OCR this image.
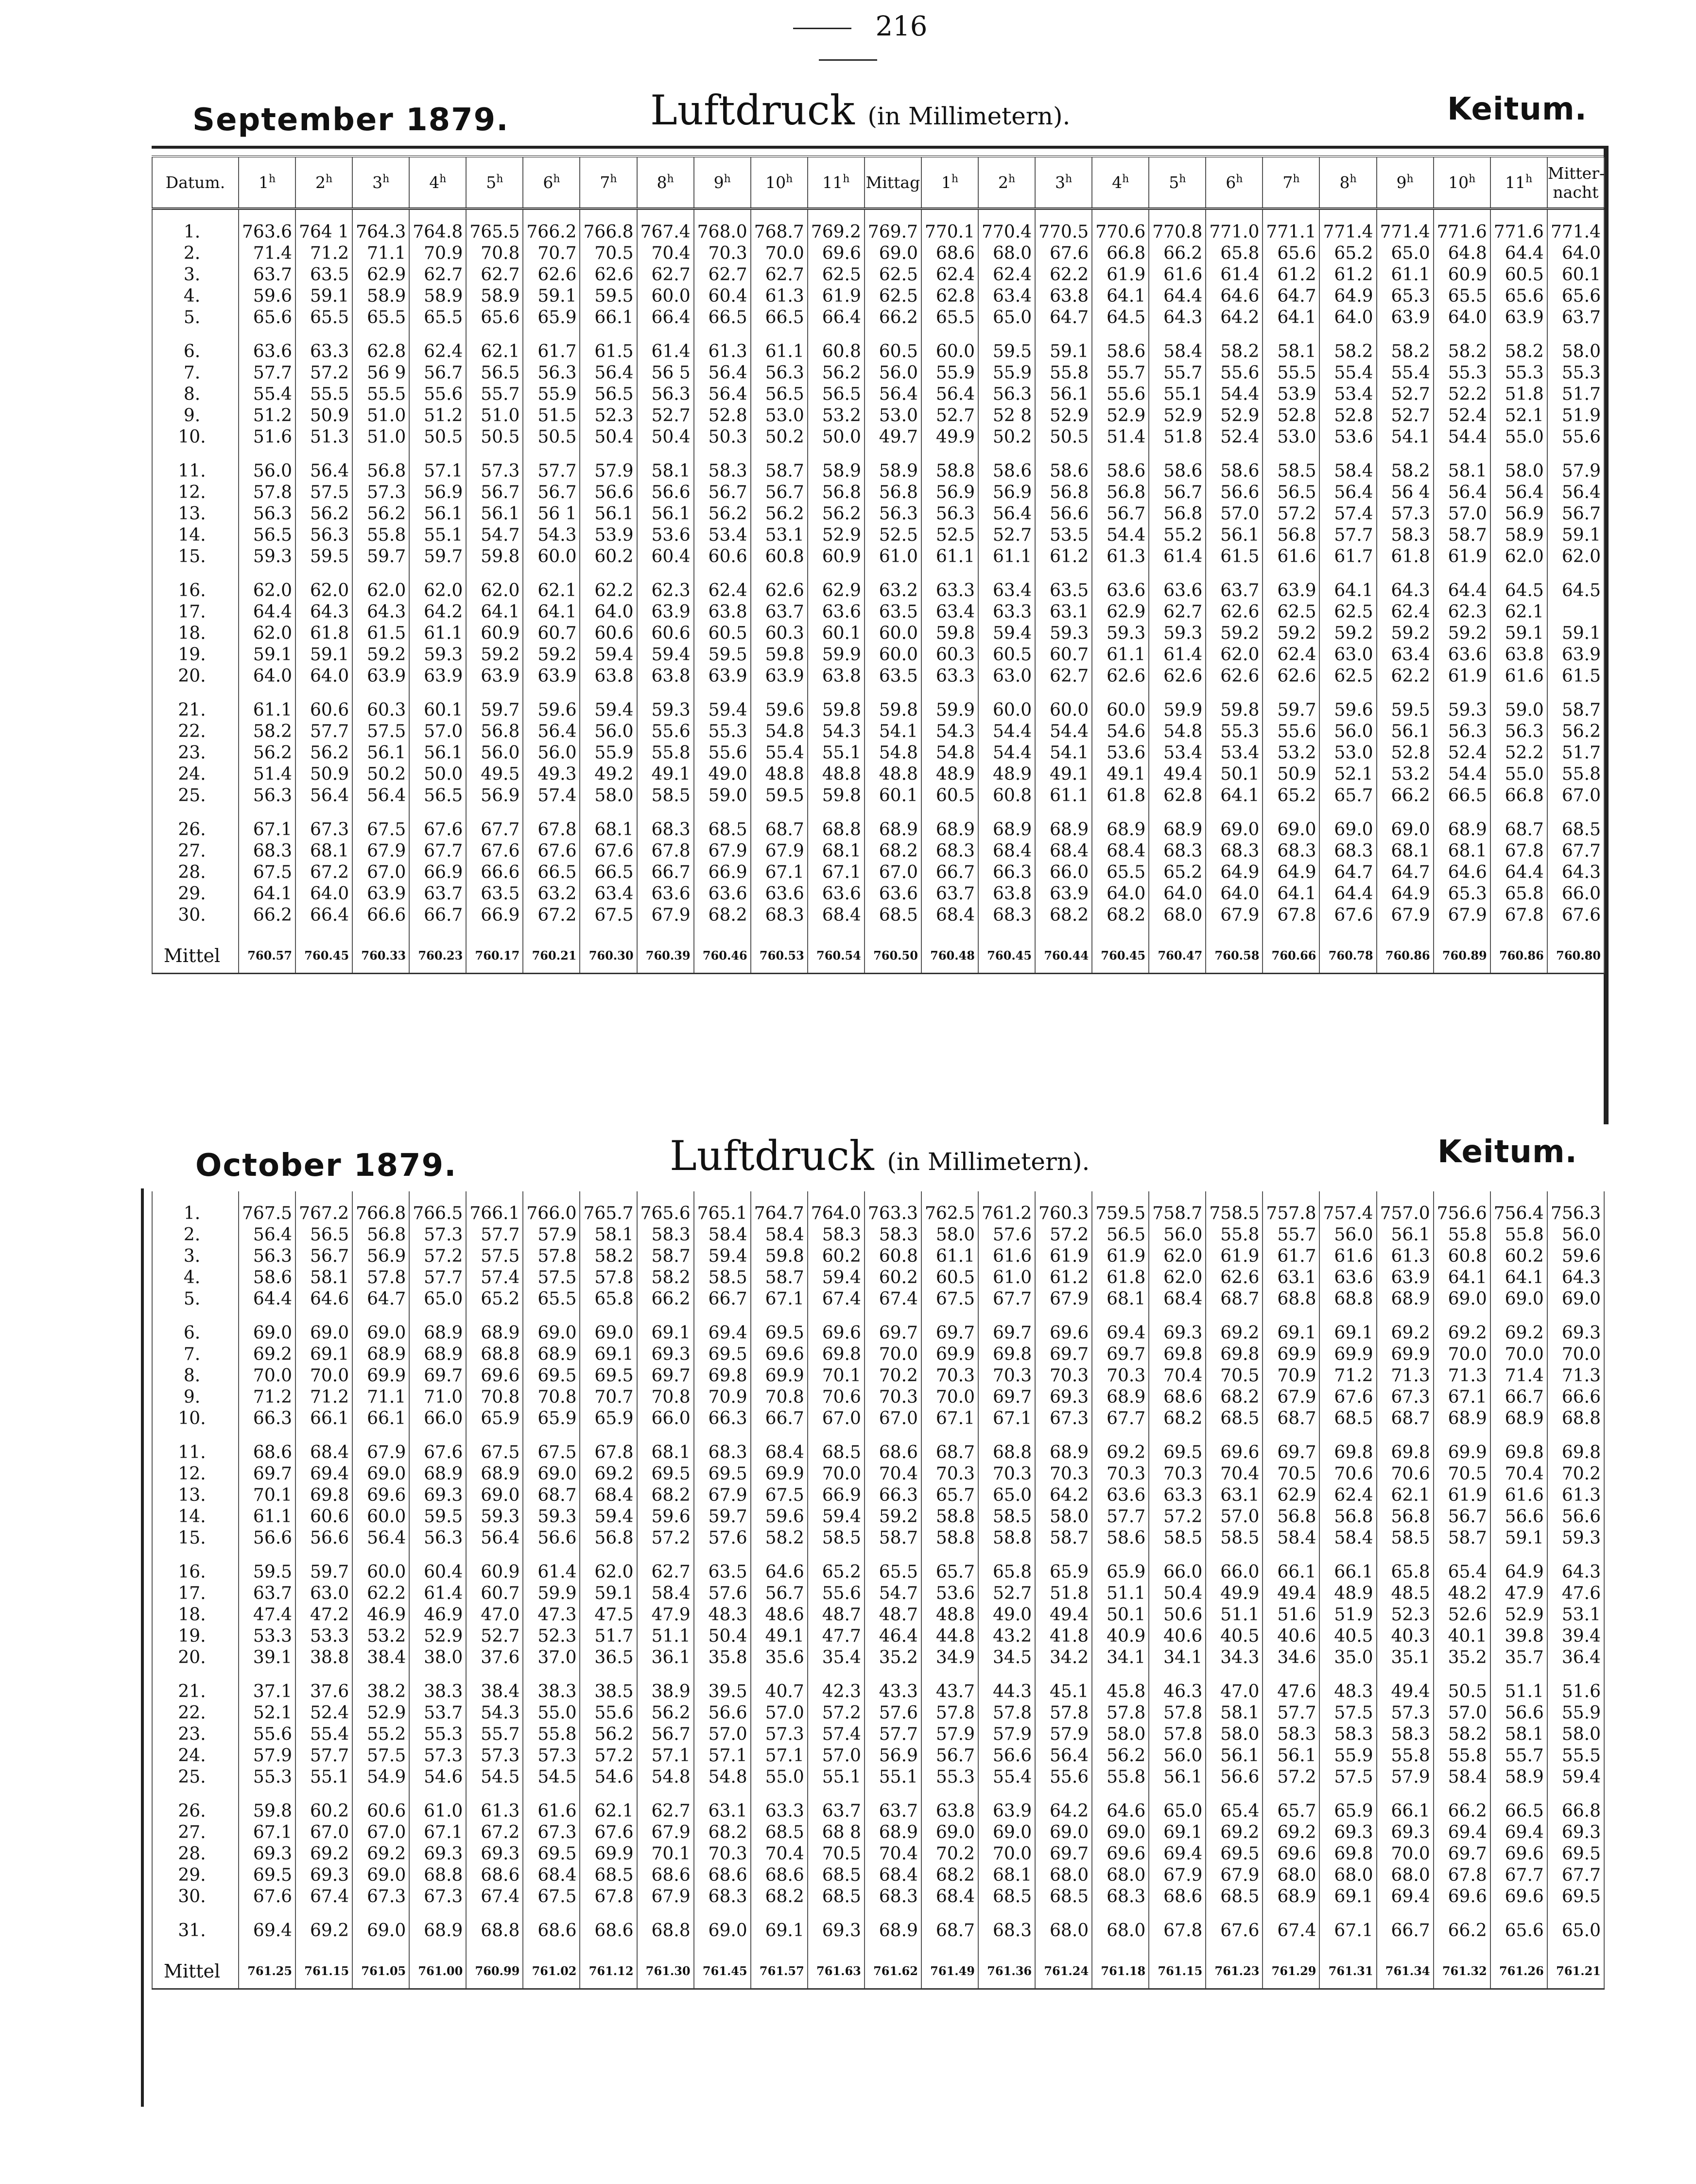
216
September 1879.	Luftdruck (in Millimetern).	Keitum.
Datum.	1$^h$	2$^h$	3$^h$	4$^h$	5$^h$	6$^h$	7$^h$	8$^h$	9$^h$	10$^h$	11$^h$	Mittag	1$^h$	2$^h$	3$^h$	4$^h$	5$^h$	6$^h$	7$^h$	8$^h$	9$^h$	10$^h$	11$^h$	Mitter-nacht

1.	763.6	764 1	764.3	764.8	765.5	766.2	766.8	767.4	768.0	768.7	769.2	769.7	770.1	770.4	770.5	770.6	770.8	771.0	771.1	771.4	771.4	771.6	771.6	771.4
2.	71.4	71.2	71.1	70.9	70.8	70.7	70.5	70.4	70.3	70.0	69.6	69.0	68.6	68.0	67.6	66.8	66.2	65.8	65.6	65.2	65.0	64.8	64.4	64.0
3.	63.7	63.5	62.9	62.7	62.7	62.6	62.6	62.7	62.7	62.7	62.5	62.5	62.4	62.4	62.2	61.9	61.6	61.4	61.2	61.2	61.1	60.9	60.5	60.1
4.	59.6	59.1	58.9	58.9	58.9	59.1	59.5	60.0	60.4	61.3	61.9	62.5	62.8	63.4	63.8	64.1	64.4	64.6	64.7	64.9	65.3	65.5	65.6	65.6
5.	65.6	65.5	65.5	65.5	65.6	65.9	66.1	66.4	66.5	66.5	66.4	66.2	65.5	65.0	64.7	64.5	64.3	64.2	64.1	64.0	63.9	64.0	63.9	63.7

6.	63.6	63.3	62.8	62.4	62.1	61.7	61.5	61.4	61.3	61.1	60.8	60.5	60.0	59.5	59.1	58.6	58.4	58.2	58.1	58.2	58.2	58.2	58.2	58.0
7.	57.7	57.2	56 9	56.7	56.5	56.3	56.4	56 5	56.4	56.3	56.2	56.0	55.9	55.9	55.8	55.7	55.7	55.6	55.5	55.4	55.4	55.3	55.3	55.3
8.	55.4	55.5	55.5	55.6	55.7	55.9	56.5	56.3	56.4	56.5	56.5	56.4	56.4	56.3	56.1	55.6	55.1	54.4	53.9	53.4	52.7	52.2	51.8	51.7
9.	51.2	50.9	51.0	51.2	51.0	51.5	52.3	52.7	52.8	53.0	53.2	53.0	52.7	52 8	52.9	52.9	52.9	52.9	52.8	52.8	52.7	52.4	52.1	51.9
10.	51.6	51.3	51.0	50.5	50.5	50.5	50.4	50.4	50.3	50.2	50.0	49.7	49.9	50.2	50.5	51.4	51.8	52.4	53.0	53.6	54.1	54.4	55.0	55.6

11.	56.0	56.4	56.8	57.1	57.3	57.7	57.9	58.1	58.3	58.7	58.9	58.9	58.8	58.6	58.6	58.6	58.6	58.6	58.5	58.4	58.2	58.1	58.0	57.9
12.	57.8	57.5	57.3	56.9	56.7	56.7	56.6	56.6	56.7	56.7	56.8	56.8	56.9	56.9	56.8	56.8	56.7	56.6	56.5	56.4	56 4	56.4	56.4	56.4
13.	56.3	56.2	56.2	56.1	56.1	56 1	56.1	56.1	56.2	56.2	56.2	56.3	56.3	56.4	56.6	56.7	56.8	57.0	57.2	57.4	57.3	57.0	56.9	56.7
14.	56.5	56.3	55.8	55.1	54.7	54.3	53.9	53.6	53.4	53.1	52.9	52.5	52.5	52.7	53.5	54.4	55.2	56.1	56.8	57.7	58.3	58.7	58.9	59.1
15.	59.3	59.5	59.7	59.7	59.8	60.0	60.2	60.4	60.6	60.8	60.9	61.0	61.1	61.1	61.2	61.3	61.4	61.5	61.6	61.7	61.8	61.9	62.0	62.0

16.	62.0	62.0	62.0	62.0	62.0	62.1	62.2	62.3	62.4	62.6	62.9	63.2	63.3	63.4	63.5	63.6	63.6	63.7	63.9	64.1	64.3	64.4	64.5	64.5
17.	64.4	64.3	64.3	64.2	64.1	64.1	64.0	63.9	63.8	63.7	63.6	63.5	63.4	63.3	63.1	62.9	62.7	62.6	62.5	62.5	62.4	62.3	62.1	
18.	62.0	61.8	61.5	61.1	60.9	60.7	60.6	60.6	60.5	60.3	60.1	60.0	59.8	59.4	59.3	59.3	59.3	59.2	59.2	59.2	59.2	59.2	59.1	59.1
19.	59.1	59.1	59.2	59.3	59.2	59.2	59.4	59.4	59.5	59.8	59.9	60.0	60.3	60.5	60.7	61.1	61.4	62.0	62.4	63.0	63.4	63.6	63.8	63.9
20.	64.0	64.0	63.9	63.9	63.9	63.9	63.8	63.8	63.9	63.9	63.8	63.5	63.3	63.0	62.7	62.6	62.6	62.6	62.6	62.5	62.2	61.9	61.6	61.5

21.	61.1	60.6	60.3	60.1	59.7	59.6	59.4	59.3	59.4	59.6	59.8	59.8	59.9	60.0	60.0	60.0	59.9	59.8	59.7	59.6	59.5	59.3	59.0	58.7
22.	58.2	57.7	57.5	57.0	56.8	56.4	56.0	55.6	55.3	54.8	54.3	54.1	54.3	54.4	54.4	54.6	54.8	55.3	55.6	56.0	56.1	56.3	56.3	56.2
23.	56.2	56.2	56.1	56.1	56.0	56.0	55.9	55.8	55.6	55.4	55.1	54.8	54.8	54.4	54.1	53.6	53.4	53.4	53.2	53.0	52.8	52.4	52.2	51.7
24.	51.4	50.9	50.2	50.0	49.5	49.3	49.2	49.1	49.0	48.8	48.8	48.8	48.9	48.9	49.1	49.1	49.4	50.1	50.9	52.1	53.2	54.4	55.0	55.8
25.	56.3	56.4	56.4	56.5	56.9	57.4	58.0	58.5	59.0	59.5	59.8	60.1	60.5	60.8	61.1	61.8	62.8	64.1	65.2	65.7	66.2	66.5	66.8	67.0

26.	67.1	67.3	67.5	67.6	67.7	67.8	68.1	68.3	68.5	68.7	68.8	68.9	68.9	68.9	68.9	68.9	68.9	69.0	69.0	69.0	69.0	68.9	68.7	68.5
27.	68.3	68.1	67.9	67.7	67.6	67.6	67.6	67.8	67.9	67.9	68.1	68.2	68.3	68.4	68.4	68.4	68.3	68.3	68.3	68.3	68.1	68.1	67.8	67.7
28.	67.5	67.2	67.0	66.9	66.6	66.5	66.5	66.7	66.9	67.1	67.1	67.0	66.7	66.3	66.0	65.5	65.2	64.9	64.9	64.7	64.7	64.6	64.4	64.3
29.	64.1	64.0	63.9	63.7	63.5	63.2	63.4	63.6	63.6	63.6	63.6	63.6	63.7	63.8	63.9	64.0	64.0	64.0	64.1	64.4	64.9	65.3	65.8	66.0
30.	66.2	66.4	66.6	66.7	66.9	67.2	67.5	67.9	68.2	68.3	68.4	68.5	68.4	68.3	68.2	68.2	68.0	67.9	67.8	67.6	67.9	67.9	67.8	67.6

Mittel	760.57	760.45	760.33	760.23	760.17	760.21	760.30	760.39	760.46	760.53	760.54	760.50	760.48	760.45	760.44	760.45	760.47	760.58	760.66	760.78	760.86	760.89	760.86	760.80
October 1879.	Luftdruck (in Millimetern).	Keitum.

1.	767.5	767.2	766.8	766.5	766.1	766.0	765.7	765.6	765.1	764.7	764.0	763.3	762.5	761.2	760.3	759.5	758.7	758.5	757.8	757.4	757.0	756.6	756.4	756.3
2.	56.4	56.5	56.8	57.3	57.7	57.9	58.1	58.3	58.4	58.4	58.3	58.3	58.0	57.6	57.2	56.5	56.0	55.8	55.7	56.0	56.1	55.8	55.8	56.0
3.	56.3	56.7	56.9	57.2	57.5	57.8	58.2	58.7	59.4	59.8	60.2	60.8	61.1	61.6	61.9	61.9	62.0	61.9	61.7	61.6	61.3	60.8	60.2	59.6
4.	58.6	58.1	57.8	57.7	57.4	57.5	57.8	58.2	58.5	58.7	59.4	60.2	60.5	61.0	61.2	61.8	62.0	62.6	63.1	63.6	63.9	64.1	64.1	64.3
5.	64.4	64.6	64.7	65.0	65.2	65.5	65.8	66.2	66.7	67.1	67.4	67.4	67.5	67.7	67.9	68.1	68.4	68.7	68.8	68.8	68.9	69.0	69.0	69.0

6.	69.0	69.0	69.0	68.9	68.9	69.0	69.0	69.1	69.4	69.5	69.6	69.7	69.7	69.7	69.6	69.4	69.3	69.2	69.1	69.1	69.2	69.2	69.2	69.3
7.	69.2	69.1	68.9	68.9	68.8	68.9	69.1	69.3	69.5	69.6	69.8	70.0	69.9	69.8	69.7	69.7	69.8	69.8	69.9	69.9	69.9	70.0	70.0	70.0
8.	70.0	70.0	69.9	69.7	69.6	69.5	69.5	69.7	69.8	69.9	70.1	70.2	70.3	70.3	70.3	70.3	70.4	70.5	70.9	71.2	71.3	71.3	71.4	71.3
9.	71.2	71.2	71.1	71.0	70.8	70.8	70.7	70.8	70.9	70.8	70.6	70.3	70.0	69.7	69.3	68.9	68.6	68.2	67.9	67.6	67.3	67.1	66.7	66.6
10.	66.3	66.1	66.1	66.0	65.9	65.9	65.9	66.0	66.3	66.7	67.0	67.0	67.1	67.1	67.3	67.7	68.2	68.5	68.7	68.5	68.7	68.9	68.9	68.8

11.	68.6	68.4	67.9	67.6	67.5	67.5	67.8	68.1	68.3	68.4	68.5	68.6	68.7	68.8	68.9	69.2	69.5	69.6	69.7	69.8	69.8	69.9	69.8	69.8
12.	69.7	69.4	69.0	68.9	68.9	69.0	69.2	69.5	69.5	69.9	70.0	70.4	70.3	70.3	70.3	70.3	70.3	70.4	70.5	70.6	70.6	70.5	70.4	70.2
13.	70.1	69.8	69.6	69.3	69.0	68.7	68.4	68.2	67.9	67.5	66.9	66.3	65.7	65.0	64.2	63.6	63.3	63.1	62.9	62.4	62.1	61.9	61.6	61.3
14.	61.1	60.6	60.0	59.5	59.3	59.3	59.4	59.6	59.7	59.6	59.4	59.2	58.8	58.5	58.0	57.7	57.2	57.0	56.8	56.8	56.8	56.7	56.6	56.6
15.	56.6	56.6	56.4	56.3	56.4	56.6	56.8	57.2	57.6	58.2	58.5	58.7	58.8	58.8	58.7	58.6	58.5	58.5	58.4	58.4	58.5	58.7	59.1	59.3

16.	59.5	59.7	60.0	60.4	60.9	61.4	62.0	62.7	63.5	64.6	65.2	65.5	65.7	65.8	65.9	65.9	66.0	66.0	66.1	66.1	65.8	65.4	64.9	64.3
17.	63.7	63.0	62.2	61.4	60.7	59.9	59.1	58.4	57.6	56.7	55.6	54.7	53.6	52.7	51.8	51.1	50.4	49.9	49.4	48.9	48.5	48.2	47.9	47.6
18.	47.4	47.2	46.9	46.9	47.0	47.3	47.5	47.9	48.3	48.6	48.7	48.7	48.8	49.0	49.4	50.1	50.6	51.1	51.6	51.9	52.3	52.6	52.9	53.1
19.	53.3	53.3	53.2	52.9	52.7	52.3	51.7	51.1	50.4	49.1	47.7	46.4	44.8	43.2	41.8	40.9	40.6	40.5	40.6	40.5	40.3	40.1	39.8	39.4
20.	39.1	38.8	38.4	38.0	37.6	37.0	36.5	36.1	35.8	35.6	35.4	35.2	34.9	34.5	34.2	34.1	34.1	34.3	34.6	35.0	35.1	35.2	35.7	36.4

21.	37.1	37.6	38.2	38.3	38.4	38.3	38.5	38.9	39.5	40.7	42.3	43.3	43.7	44.3	45.1	45.8	46.3	47.0	47.6	48.3	49.4	50.5	51.1	51.6
22.	52.1	52.4	52.9	53.7	54.3	55.0	55.6	56.2	56.6	57.0	57.2	57.6	57.8	57.8	57.8	57.8	57.8	58.1	57.7	57.5	57.3	57.0	56.6	55.9
23.	55.6	55.4	55.2	55.3	55.7	55.8	56.2	56.7	57.0	57.3	57.4	57.7	57.9	57.9	57.9	58.0	57.8	58.0	58.3	58.3	58.3	58.2	58.1	58.0
24.	57.9	57.7	57.5	57.3	57.3	57.3	57.2	57.1	57.1	57.1	57.0	56.9	56.7	56.6	56.4	56.2	56.0	56.1	56.1	55.9	55.8	55.8	55.7	55.5
25.	55.3	55.1	54.9	54.6	54.5	54.5	54.6	54.8	54.8	55.0	55.1	55.1	55.3	55.4	55.6	55.8	56.1	56.6	57.2	57.5	57.9	58.4	58.9	59.4

26.	59.8	60.2	60.6	61.0	61.3	61.6	62.1	62.7	63.1	63.3	63.7	63.7	63.8	63.9	64.2	64.6	65.0	65.4	65.7	65.9	66.1	66.2	66.5	66.8
27.	67.1	67.0	67.0	67.1	67.2	67.3	67.6	67.9	68.2	68.5	68 8	68.9	69.0	69.0	69.0	69.0	69.1	69.2	69.2	69.3	69.3	69.4	69.4	69.3
28.	69.3	69.2	69.2	69.3	69.3	69.5	69.9	70.1	70.3	70.4	70.5	70.4	70.2	70.0	69.7	69.6	69.4	69.5	69.6	69.8	70.0	69.7	69.6	69.5
29.	69.5	69.3	69.0	68.8	68.6	68.4	68.5	68.6	68.6	68.6	68.5	68.4	68.2	68.1	68.0	68.0	67.9	67.9	68.0	68.0	68.0	67.8	67.7	67.7
30.	67.6	67.4	67.3	67.3	67.4	67.5	67.8	67.9	68.3	68.2	68.5	68.3	68.4	68.5	68.5	68.3	68.6	68.5	68.9	69.1	69.4	69.6	69.6	69.5

31.	69.4	69.2	69.0	68.9	68.8	68.6	68.6	68.8	69.0	69.1	69.3	68.9	68.7	68.3	68.0	68.0	67.8	67.6	67.4	67.1	66.7	66.2	65.6	65.0

Mittel	761.25	761.15	761.05	761.00	760.99	761.02	761.12	761.30	761.45	761.57	761.63	761.62	761.49	761.36	761.24	761.18	761.15	761.23	761.29	761.31	761.34	761.32	761.26	761.21
